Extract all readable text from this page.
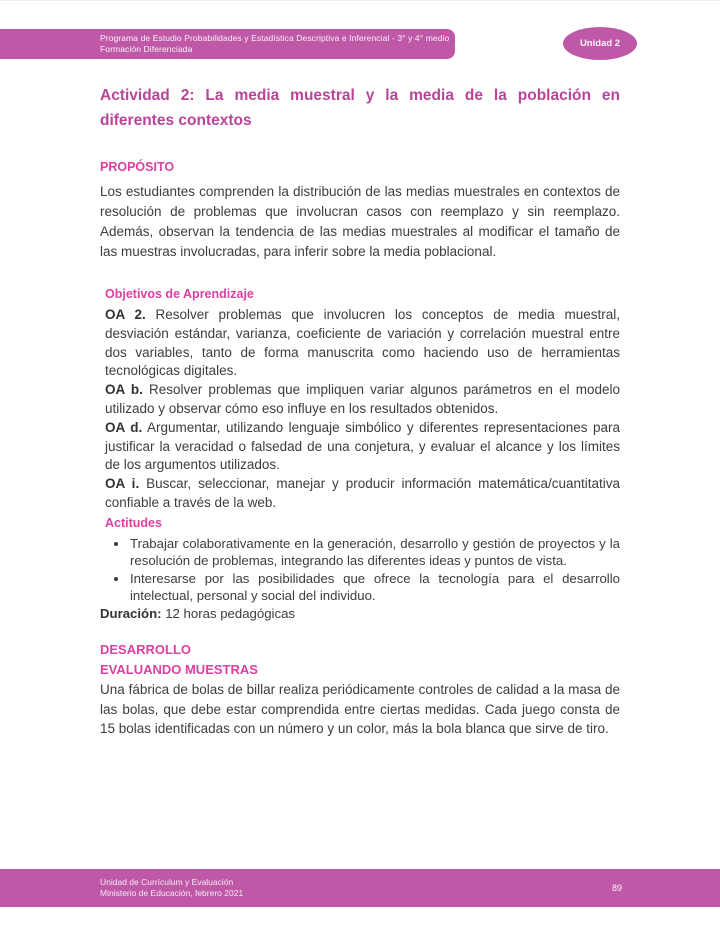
Programa de Estudio Probabilidades y Estadística Descriptiva e Inferencial - 3° y 4° medio
Formación Diferenciada	Unidad 2
Actividad 2: La media muestral y la media de la población en diferentes contextos
PROPÓSITO

Los estudiantes comprenden la distribución de las medias muestrales en contextos de resolución de problemas que involucran casos con reemplazo y sin reemplazo. Además, observan la tendencia de las medias muestrales al modificar el tamaño de las muestras involucradas, para inferir sobre la media poblacional.

Objetivos de Aprendizaje

OA 2. Resolver problemas que involucren los conceptos de media muestral, desviación estándar, varianza, coeficiente de variación y correlación muestral entre dos variables, tanto de forma manuscrita como haciendo uso de herramientas tecnológicas digitales.

OA b. Resolver problemas que impliquen variar algunos parámetros en el modelo utilizado y observar cómo eso influye en los resultados obtenidos.

OA d. Argumentar, utilizando lenguaje simbólico y diferentes representaciones para justificar la veracidad o falsedad de una conjetura, y evaluar el alcance y los límites de los argumentos utilizados.

OA i. Buscar, seleccionar, manejar y producir información matemática/cuantitativa confiable a través de la web.

Actitudes
• Trabajar colaborativamente en la generación, desarrollo y gestión de proyectos y la resolución de problemas, integrando las diferentes ideas y puntos de vista.
• Interesarse por las posibilidades que ofrece la tecnología para el desarrollo intelectual, personal y social del individuo.

Duración: 12 horas pedagógicas

DESARROLLO
EVALUANDO MUESTRAS

Una fábrica de bolas de billar realiza periódicamente controles de calidad a la masa de las bolas, que debe estar comprendida entre ciertas medidas. Cada juego consta de 15 bolas identificadas con un número y un color, más la bola blanca que sirve de tiro.

Unidad de Currículum y Evaluación
Ministerio de Educación, febrero 2021
89
